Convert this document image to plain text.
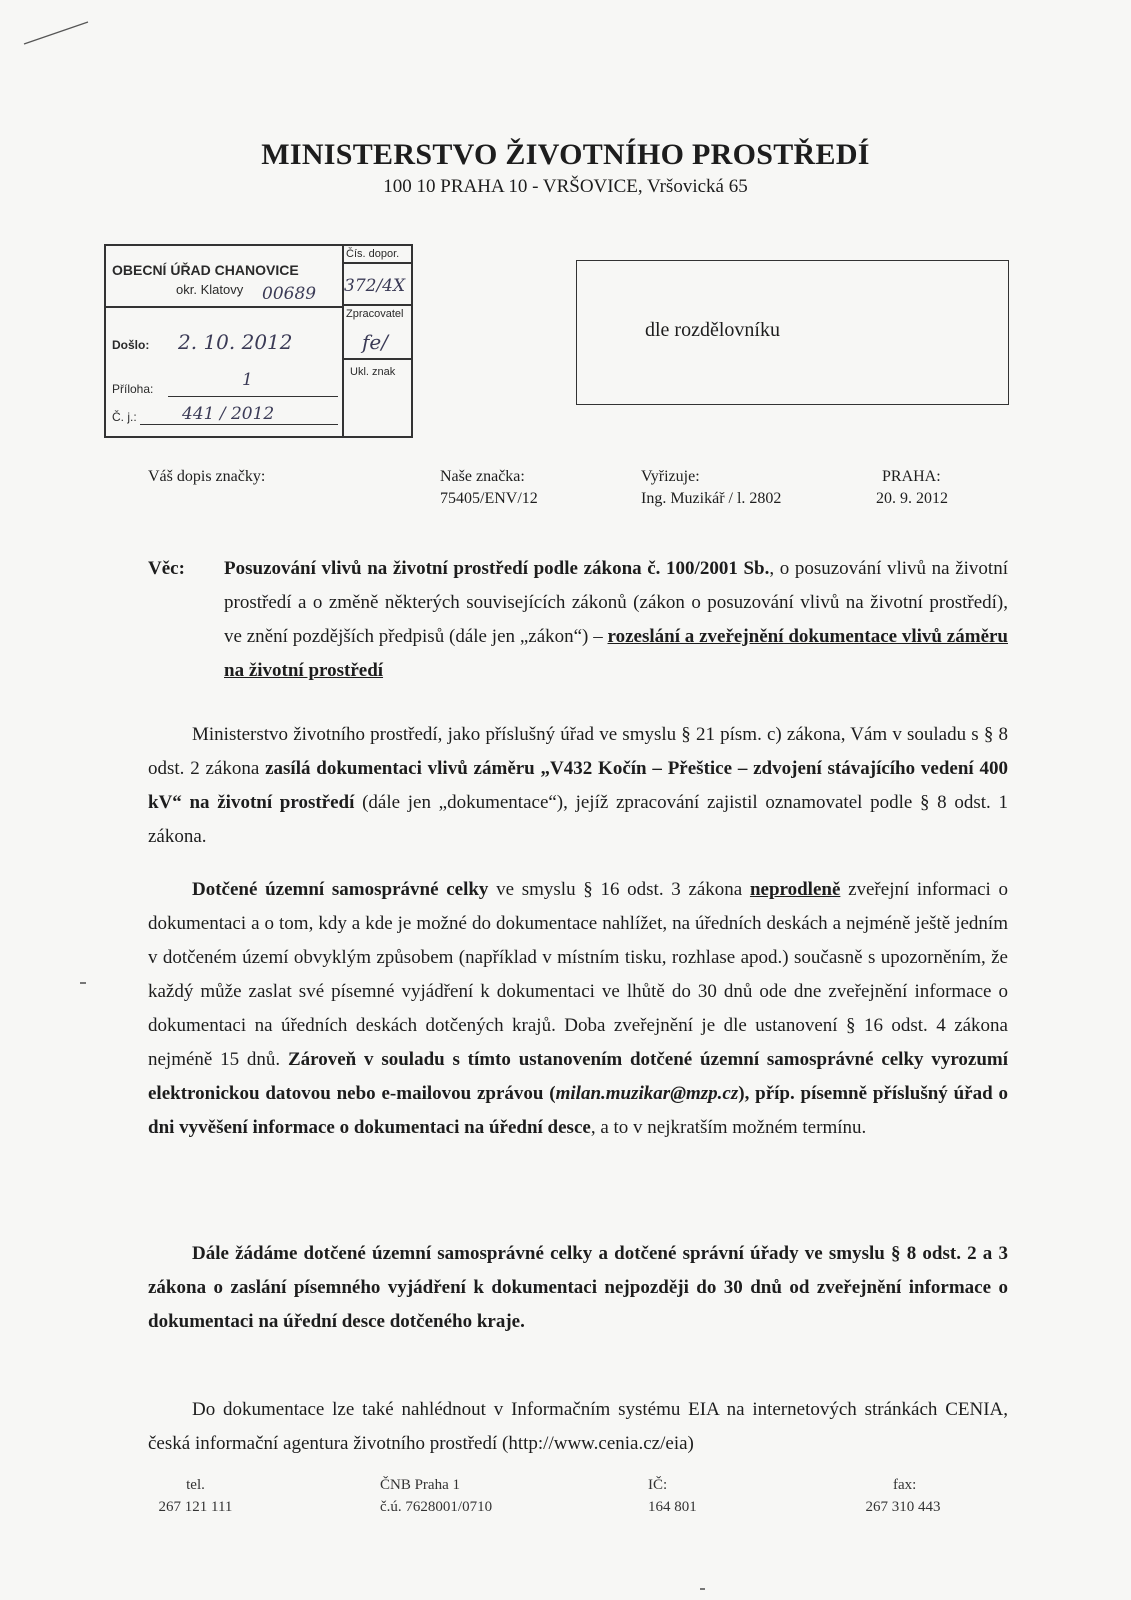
MINISTERSTVO ŽIVOTNÍHO PROSTŘEDÍ
100 10 PRAHA 10 - VRŠOVICE, Vršovická 65
OBECNÍ ÚŘAD CHANOVICE
okr. Klatovy
Čís. dopor.
Zpracovatel
Ukl. znak
Došlo:
Příloha:
Č. j.:
00689 372/4X
2. 10. 2012	fe/
1
441 / 2012
dle rozdělovníku
Váš dopis značky:	Naše značka:
75405/ENV/12
Vyřizuje:
Ing. Muzikář / l. 2802
PRAHA:
20. 9. 2012
Věc: Posuzování vlivů na životní prostředí podle zákona č. 100/2001 Sb., o posuzování vlivů na životní prostředí a o změně některých souvisejících zákonů (zákon o posuzování vlivů na životní prostředí), ve znění pozdějších předpisů (dále jen „zákon“) – rozeslání a zveřejnění dokumentace vlivů záměru na životní prostředí
Ministerstvo životního prostředí, jako příslušný úřad ve smyslu § 21 písm. c) zákona, Vám v souladu s § 8 odst. 2 zákona zasílá dokumentaci vlivů záměru „V432 Kočín – Přeštice – zdvojení stávajícího vedení 400 kV“ na životní prostředí (dále jen „dokumentace“), jejíž zpracování zajistil oznamovatel podle § 8 odst. 1 zákona.
Dotčené územní samosprávné celky ve smyslu § 16 odst. 3 zákona neprodleně zveřejní informaci o dokumentaci a o tom, kdy a kde je možné do dokumentace nahlížet, na úředních deskách a nejméně ještě jedním v dotčeném území obvyklým způsobem (například v místním tisku, rozhlase apod.) současně s upozorněním, že každý může zaslat své písemné vyjádření k dokumentaci ve lhůtě do 30 dnů ode dne zveřejnění informace o dokumentaci na úředních deskách dotčených krajů. Doba zveřejnění je dle ustanovení § 16 odst. 4 zákona nejméně 15 dnů. Zároveň v souladu s tímto ustanovením dotčené územní samosprávné celky vyrozumí elektronickou datovou nebo e-mailovou zprávou (milan.muzikar@mzp.cz), příp. písemně příslušný úřad o dni vyvěšení informace o dokumentaci na úřední desce, a to v nejkratším možném termínu.
Dále žádáme dotčené územní samosprávné celky a dotčené správní úřady ve smyslu § 8 odst. 2 a 3 zákona o zaslání písemného vyjádření k dokumentaci nejpozději do 30 dnů od zveřejnění informace o dokumentaci na úřední desce dotčeného kraje.
Do dokumentace lze také nahlédnout v Informačním systému EIA na internetových stránkách CENIA, česká informační agentura životního prostředí (http://www.cenia.cz/eia)
tel.
267 121 111
ČNB Praha 1
č.ú. 7628001/0710
IČ:
164 801
fax:
267 310 443
